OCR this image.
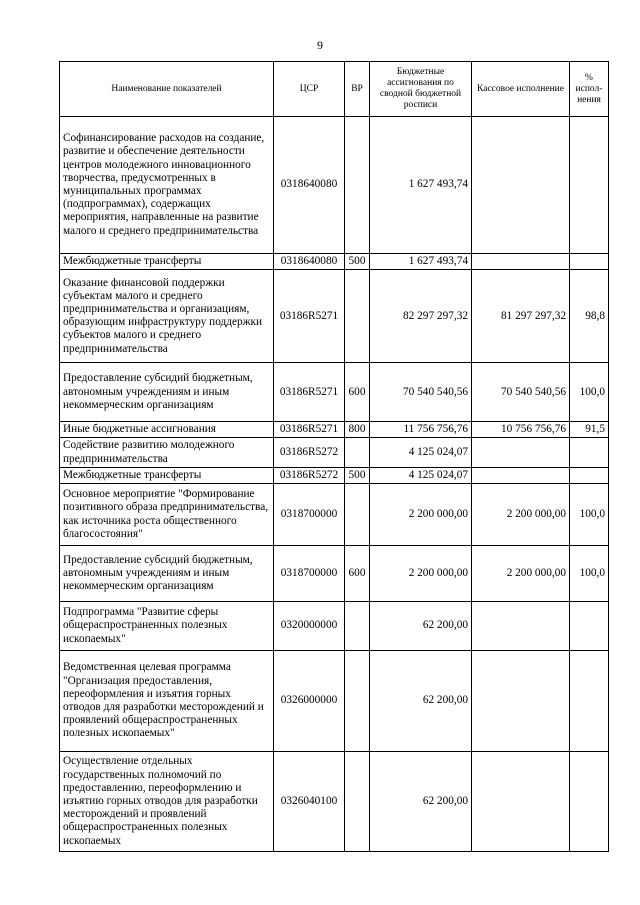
9
Наименование показателей	ЦСР	ВР	Бюджетные ассигнования по сводной бюджетной росписи	Кассовое исполнение	% испол-нения
Софинансирование расходов на создание, развитие и обеспечение деятельности центров молодежного инновационного творчества, предусмотренных в муниципальных программах (подпрограммах), содержащих мероприятия, направленные на развитие малого и среднего предпринимательства	0318640080		1 627 493,74		
Межбюджетные трансферты	0318640080	500	1 627 493,74		
Оказание финансовой поддержки субъектам малого и среднего предпринимательства и организациям, образующим инфраструктуру поддержки субъектов малого и среднего предпринимательства	03186R5271		82 297 297,32	81 297 297,32	98,8
Предоставление субсидий бюджетным, автономным учреждениям и иным некоммерческим организациям	03186R5271	600	70 540 540,56	70 540 540,56	100,0
Иные бюджетные ассигнования	03186R5271	800	11 756 756,76	10 756 756,76	91,5
Содействие развитию молодежного предпринимательства	03186R5272		4 125 024,07		
Межбюджетные трансферты	03186R5272	500	4 125 024,07		
Основное мероприятие "Формирование позитивного образа предпринимательства, как источника роста общественного благосостояния"	0318700000		2 200 000,00	2 200 000,00	100,0
Предоставление субсидий бюджетным, автономным учреждениям и иным некоммерческим организациям	0318700000	600	2 200 000,00	2 200 000,00	100,0
Подпрограмма "Развитие сферы общераспространенных полезных ископаемых"	0320000000		62 200,00		
Ведомственная целевая программа "Организация предоставления, переоформления и изъятия горных отводов для разработки месторождений и проявлений общераспространенных полезных ископаемых"	0326000000		62 200,00		
Осуществление отдельных государственных полномочий по предоставлению, переоформлению и изъятию горных отводов для разработки месторождений и проявлений общераспространенных полезных ископаемых	0326040100		62 200,00		
